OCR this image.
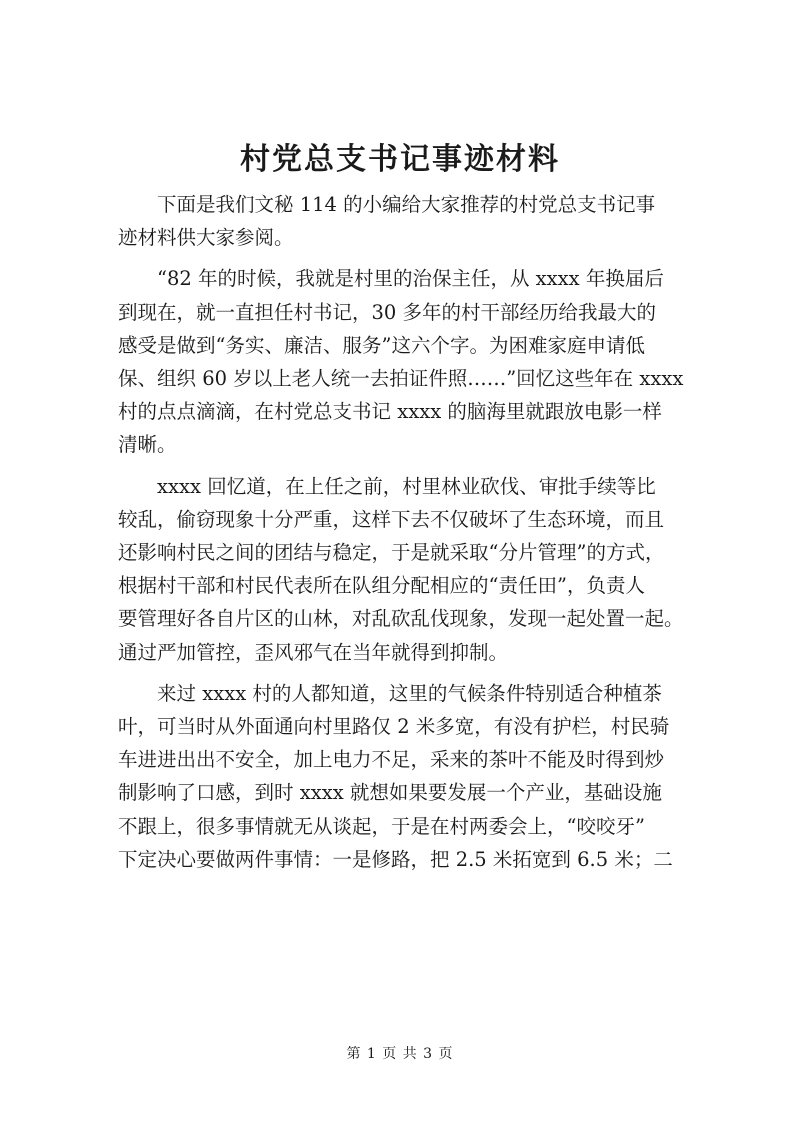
村党总支书记事迹材料

下面是我们文秘 114 的小编给大家推荐的村党总支书记事
迹材料供大家参阅。

“82 年的时候，我就是村里的治保主任，从 xxxx 年换届后
到现在，就一直担任村书记，30 多年的村干部经历给我最大的
感受是做到“务实、廉洁、服务”这六个字。为困难家庭申请低
保、组织 60 岁以上老人统一去拍证件照……”回忆这些年在 xxxx
村的点点滴滴，在村党总支书记 xxxx 的脑海里就跟放电影一样
清晰。

xxxx 回忆道，在上任之前，村里林业砍伐、审批手续等比
较乱，偷窃现象十分严重，这样下去不仅破坏了生态环境，而且
还影响村民之间的团结与稳定，于是就采取“分片管理”的方式，
根据村干部和村民代表所在队组分配相应的“责任田”，负责人
要管理好各自片区的山林，对乱砍乱伐现象，发现一起处置一起。
通过严加管控，歪风邪气在当年就得到抑制。

来过 xxxx 村的人都知道，这里的气候条件特别适合种植茶
叶，可当时从外面通向村里路仅 2 米多宽，有没有护栏，村民骑
车进进出出不安全，加上电力不足，采来的茶叶不能及时得到炒
制影响了口感，到时 xxxx 就想如果要发展一个产业，基础设施
不跟上，很多事情就无从谈起，于是在村两委会上，“咬咬牙”
下定决心要做两件事情：一是修路，把 2.5 米拓宽到 6.5 米；二

第 1 页 共 3 页
